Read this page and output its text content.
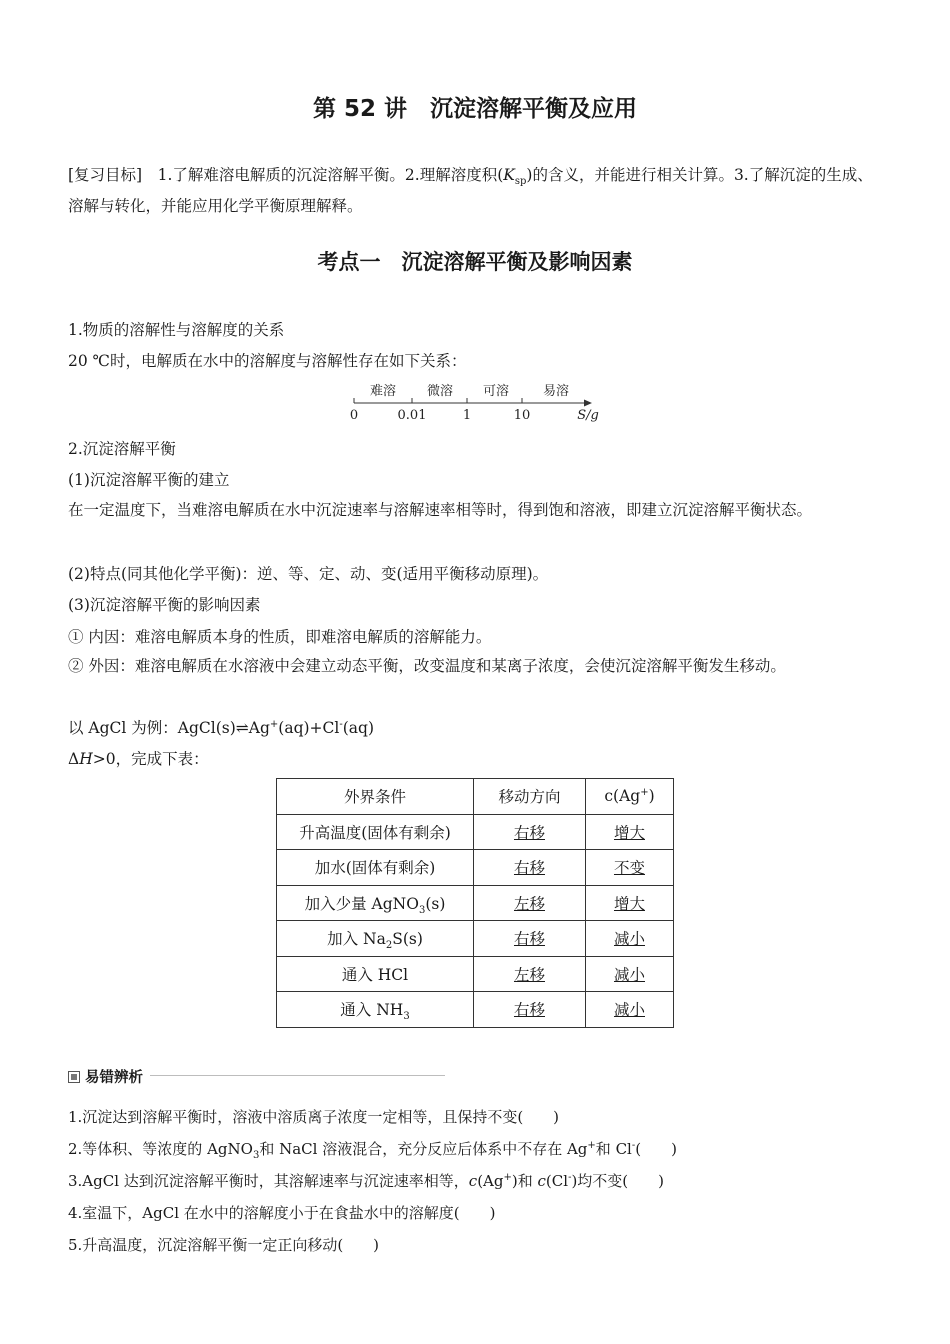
第 52 讲　沉淀溶解平衡及应用
[复习目标]　1.了解难溶电解质的沉淀溶解平衡。2.理解溶度积$(K_{sp})$的含义，并能进行相关计算。3.了解沉淀的生成、溶解与转化，并能应用化学平衡原理解释。
考点一　沉淀溶解平衡及影响因素
1.物质的溶解性与溶解度的关系
20 ℃时，电解质在水中的溶解度与溶解性存在如下关系：
难溶 微溶 可溶	易溶
0	0.01	1	10	S/g
2.沉淀溶解平衡
(1)沉淀溶解平衡的建立
在一定温度下，当难溶电解质在水中沉淀速率与溶解速率相等时，得到饱和溶液，即建立沉淀溶解平衡状态。
(2)特点(同其他化学平衡)：逆、等、定、动、变(适用平衡移动原理)。
(3)沉淀溶解平衡的影响因素
① 内因：难溶电解质本身的性质，即难溶电解质的溶解能力。
② 外因：难溶电解质在水溶液中会建立动态平衡，改变温度和某离子浓度，会使沉淀溶解平衡发生移动。
以 AgCl 为例：AgCl(s)⇌Ag+(aq)+Cl-(aq)
ΔH>0，完成下表：
外界条件	移动方向	c(Ag+)
升高温度(固体有剩余)	右移	增大
加水(固体有剩余)	右移	不变
加入少量 AgNO$_3$(s)	左移	增大
加入 $Na_2S(s)$	右移	减小
通入 HCl	左移	减小
通入 $NH_3$	右移	减小
易错辨析
1.沉淀达到溶解平衡时，溶液中溶质离子浓度一定相等，且保持不变(　　)
2.等体积、等浓度的 AgNO$_3$和 NaCl 溶液混合，充分反应后体系中不存在 Ag+和 Cl-(　　)
3.AgCl 达到沉淀溶解平衡时，其溶解速率与沉淀速率相等，c(Ag+)和 c(Cl-)均不变(　　)
4.室温下，AgCl 在水中的溶解度小于在食盐水中的溶解度(　　)
5.升高温度，沉淀溶解平衡一定正向移动(　　)
